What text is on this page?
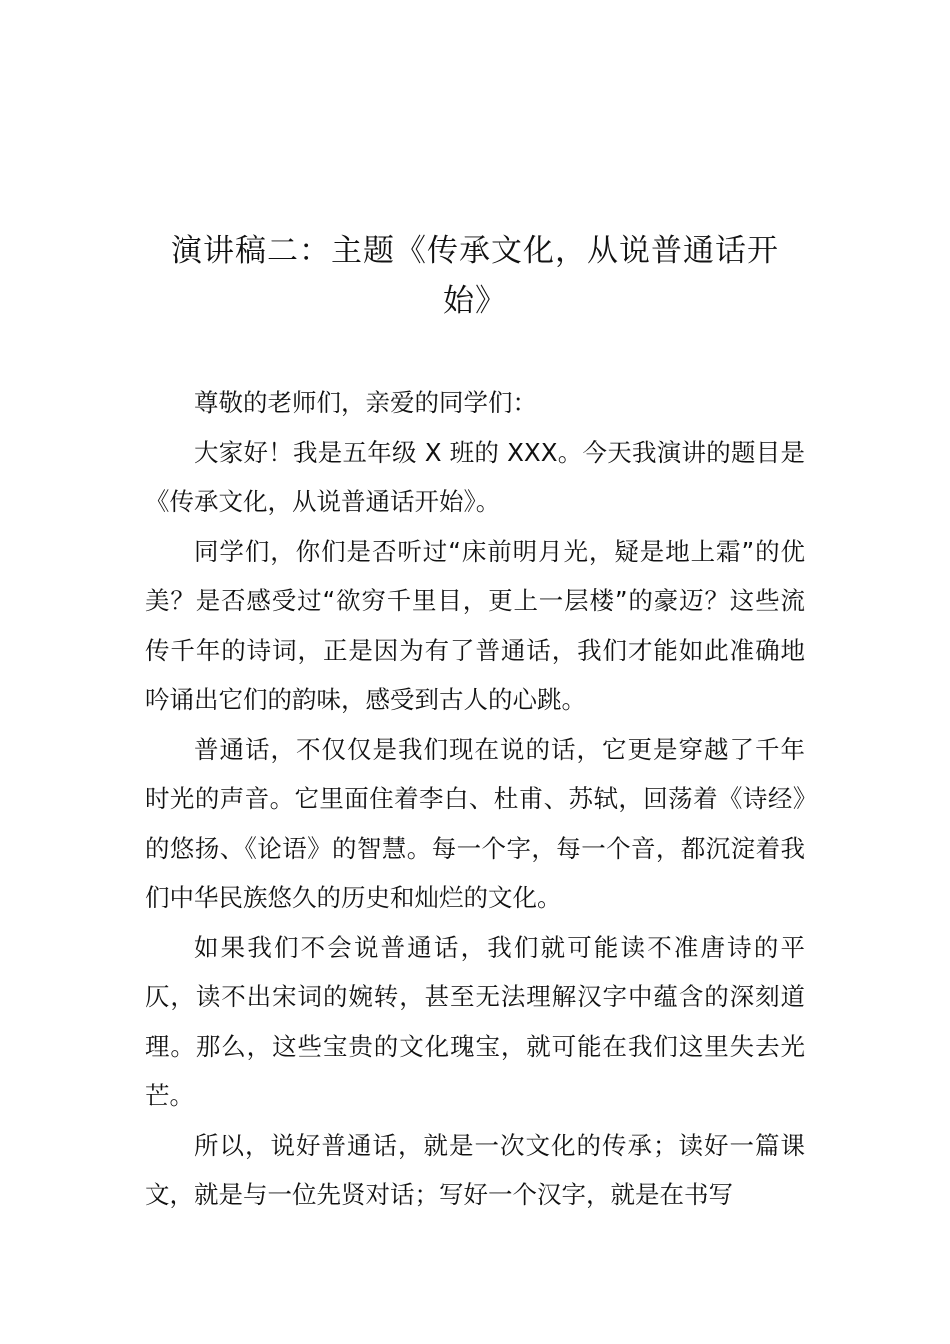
演讲稿二：主题《传承文化，从说普通话开
始》

尊敬的老师们，亲爱的同学们：

大家好！我是五年级 X 班的 XXX。今天我演讲的题目是《传承文化，从说普通话开始》。

同学们，你们是否听过“床前明月光，疑是地上霜”的优美？是否感受过“欲穷千里目，更上一层楼”的豪迈？这些流传千年的诗词，正是因为有了普通话，我们才能如此准确地吟诵出它们的韵味，感受到古人的心跳。

普通话，不仅仅是我们现在说的话，它更是穿越了千年时光的声音。它里面住着李白、杜甫、苏轼，回荡着《诗经》的悠扬、《论语》的智慧。每一个字，每一个音，都沉淀着我们中华民族悠久的历史和灿烂的文化。

如果我们不会说普通话，我们就可能读不准唐诗的平仄，读不出宋词的婉转，甚至无法理解汉字中蕴含的深刻道理。那么，这些宝贵的文化瑰宝，就可能在我们这里失去光芒。

所以，说好普通话，就是一次文化的传承；读好一篇课文，就是与一位先贤对话；写好一个汉字，就是在书写
